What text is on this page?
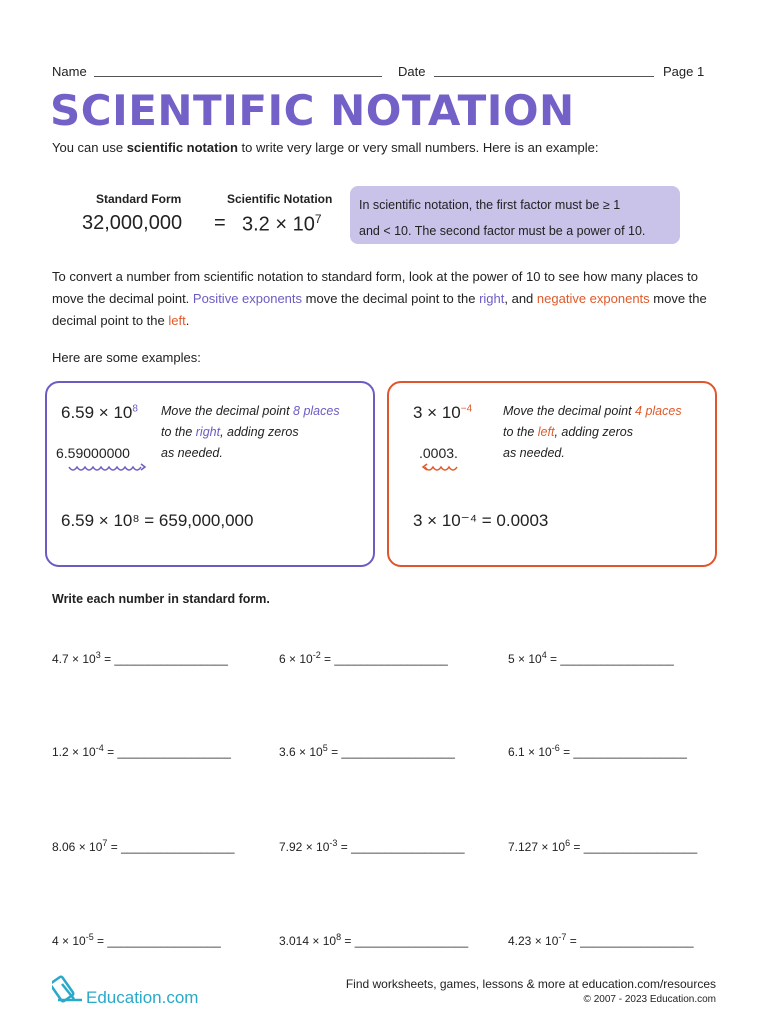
Name	Date	Page 1
SCIENTIFIC NOTATION
You can use scientific notation to write very large or very small numbers. Here is an example:
Standard Form	Scientific Notation
$32,000,000 = 3.2 \times 10^7$
In scientific notation, the first factor must be ≥ 1
and < 10. The second factor must be a power of 10.
To convert a number from scientific notation to standard form, look at the power of 10 to see how many places to move the decimal point. Positive exponents move the decimal point to the right, and negative exponents move the decimal point to the left.
Here are some examples:
$6.59 \times 10^8$ Move the decimal point 8 places
to the right, adding zeros
as needed.
6.59000000
6.59 × 10⁸ = 659,000,000
$3 \times 10^{-4}$ Move the decimal point 4 places
to the left, adding zeros
as needed.
.0003.
3 × 10⁻⁴ = 0.0003
Write each number in standard form.
$4.7 \times 10^3$ = _________________	$6 \times 10^{-2}$ = _________________	$5 \times 10^4$ = _________________
$1.2 \times 10^{-4}$ = _________________	$3.6 \times 10^5$ = _________________	$6.1 \times 10^{-6}$ = _________________
$8.06 \times 10^7$ = _________________	$7.92 \times 10^{-3}$ = _________________	$7.127 \times 10^6$ = _________________
$4 \times 10^{-5}$ = _________________	$3.014 \times 10^8$ = _________________	$4.23 \times 10^{-7}$ = _________________
Education.com
Find worksheets, games, lessons & more at education.com/resources
© 2007 - 2023 Education.com
